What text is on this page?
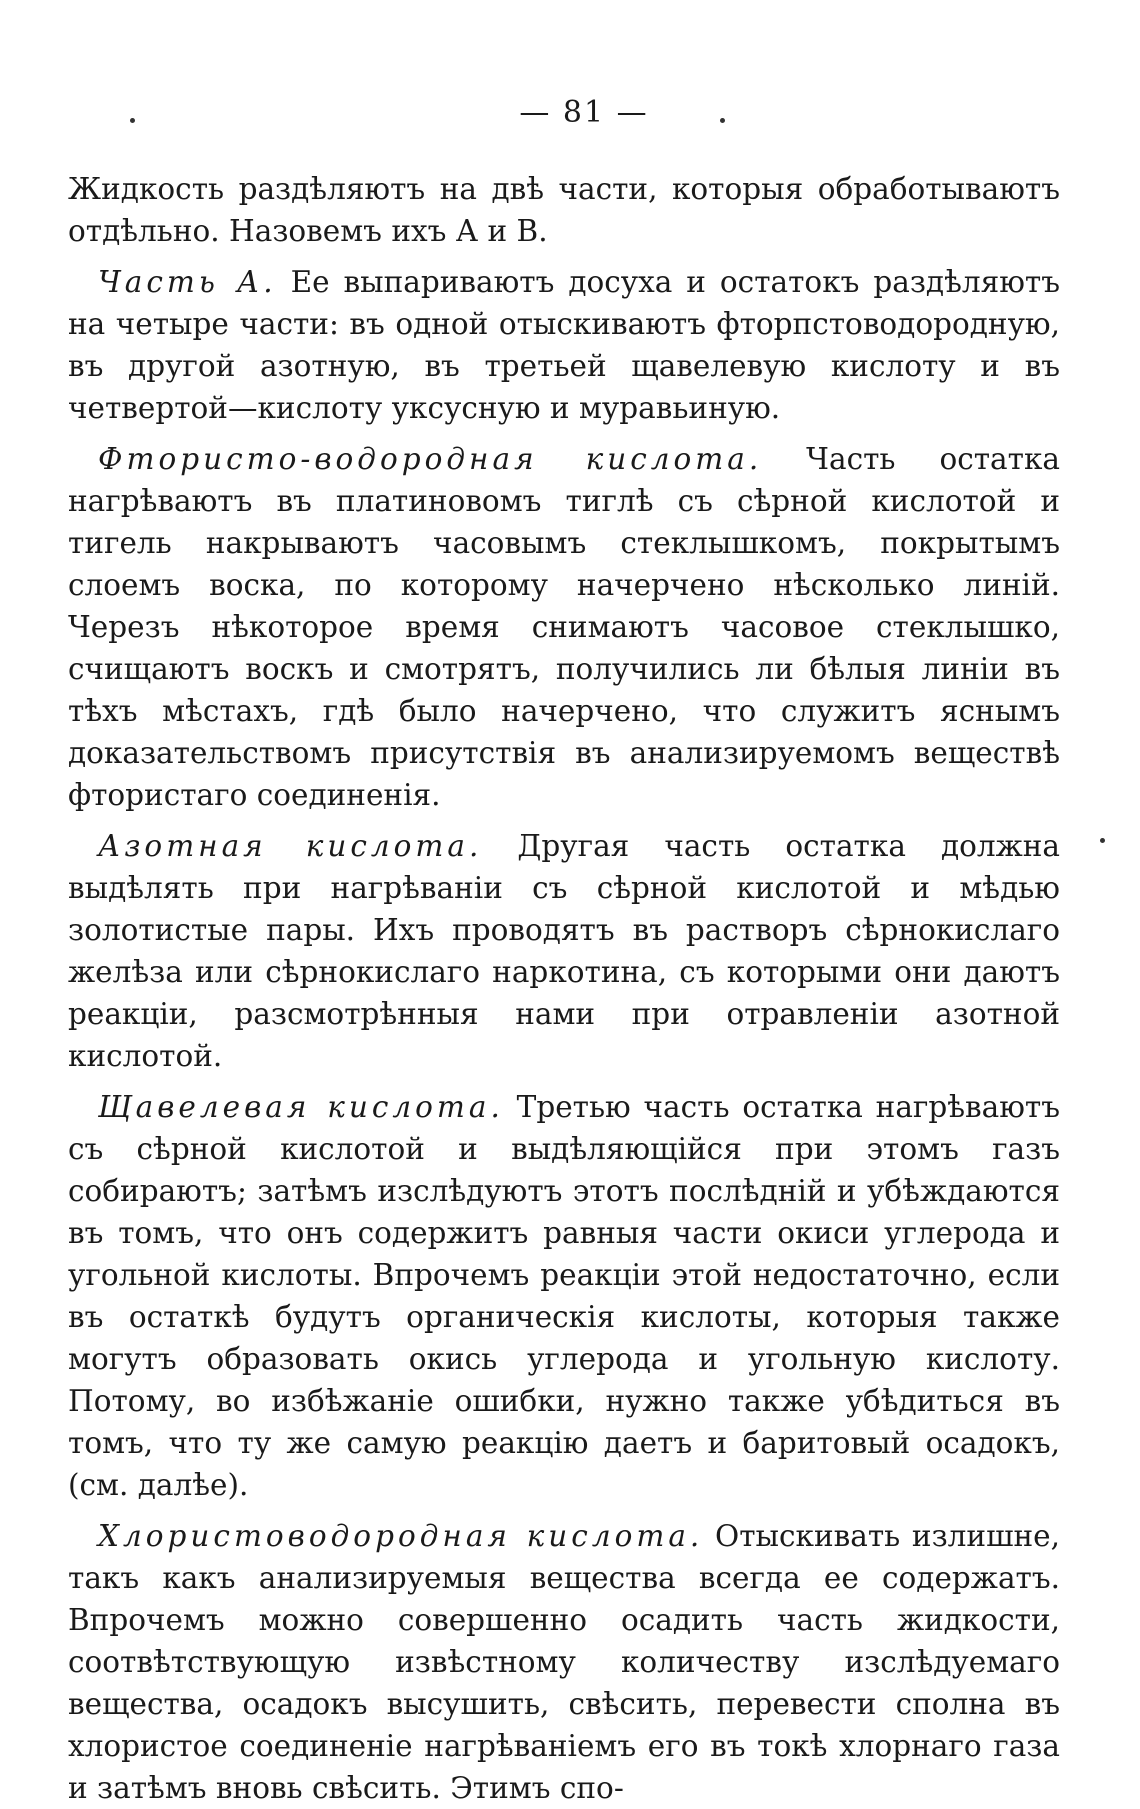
— 81 —

Жидкость раздѣляютъ на двѣ части, которыя обработываютъ отдѣльно. Назовемъ ихъ А и В.

Часть А. Ее выпариваютъ досуха и остатокъ раздѣляютъ на четыре части: въ одной отыскиваютъ фторпстоводородную, въ другой азотную, въ третьей щавелевую кислоту и въ четвертой—кислоту уксусную и муравьиную.

Фтористо-водородная кислота. Часть остатка нагрѣваютъ въ платиновомъ тиглѣ съ сѣрной кислотой и тигель накрываютъ часовымъ стеклышкомъ, покрытымъ слоемъ воска, по которому начерчено нѣсколько линій. Черезъ нѣкоторое время снимаютъ часовое стеклышко, счищаютъ воскъ и смотрятъ, получились ли бѣлыя линіи въ тѣхъ мѣстахъ, гдѣ было начерчено, что служитъ яснымъ доказательствомъ присутствія въ анализируемомъ веществѣ фтористаго соединенія.

Азотная кислота. Другая часть остатка должна выдѣлять при нагрѣваніи съ сѣрной кислотой и мѣдью золотистые пары. Ихъ проводятъ въ растворъ сѣрнокислаго желѣза или сѣрнокислаго наркотина, съ которыми они даютъ реакціи, разсмотрѣнныя нами при отравленіи азотной кислотой.

Щавелевая кислота. Третью часть остатка нагрѣваютъ съ сѣрной кислотой и выдѣляющійся при этомъ газъ собираютъ; затѣмъ изслѣдуютъ этотъ послѣдній и убѣждаются въ томъ, что онъ содержитъ равныя части окиси углерода и угольной кислоты. Впрочемъ реакціи этой недостаточно, если въ остаткѣ будутъ органическія кислоты, которыя также могутъ образовать окись углерода и угольную кислоту. Потому, во избѣжаніе ошибки, нужно также убѣдиться въ томъ, что ту же самую реакцію даетъ и баритовый осадокъ, (см. далѣе).

Хлористоводородная кислота. Отыскивать излишне, такъ какъ анализируемыя вещества всегда ее содержатъ. Впрочемъ можно совершенно осадить часть жидкости, соотвѣтствующую извѣстному количеству изслѣдуемаго вещества, осадокъ высушить, свѣсить, перевести сполна въ хлористое соединеніе нагрѣваніемъ его въ токѣ хлорнаго газа и затѣмъ вновь свѣсить. Этимъ спо-
